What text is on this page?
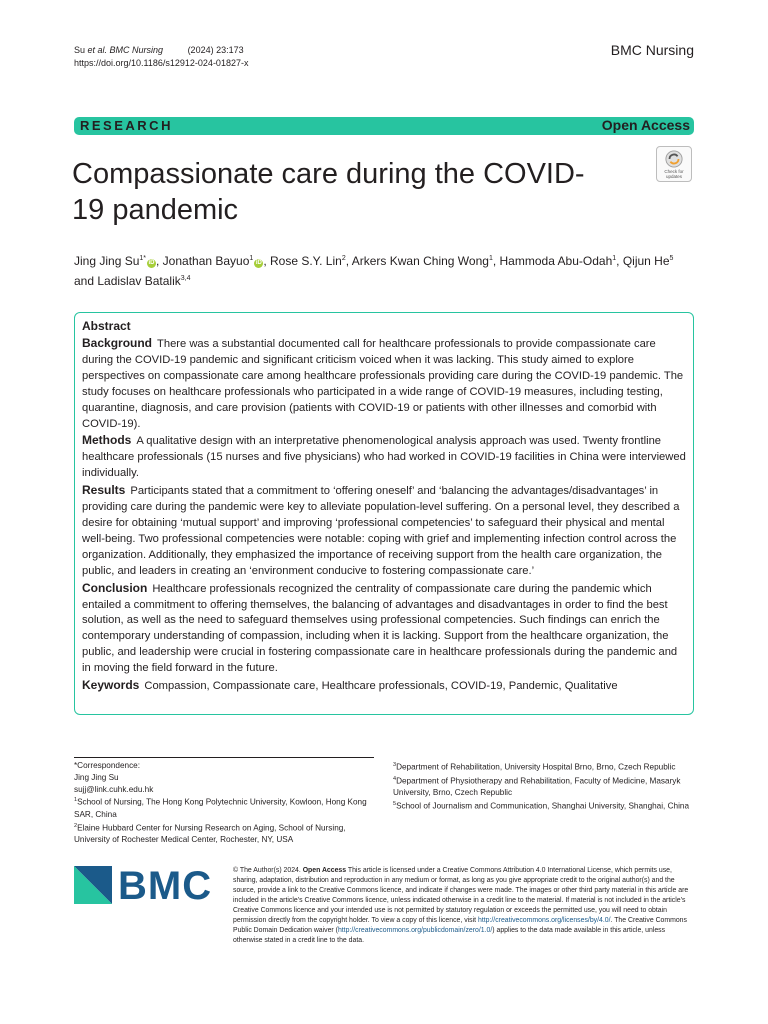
Su et al. BMC Nursing	(2024) 23:173
https://doi.org/10.1186/s12912-024-01827-x
BMC Nursing
RESEARCH	Open Access
Compassionate care during the COVID-19 pandemic
Check for
updates
Jing Jing $Su^{1*}iD$ , Jonathan Bayuo$^1$iD , Rose S.Y. Lin$^2$, Arkers Kwan Ching Wong$^1$, Hammoda Abu-Odah$^1$, Qijun He$^5$ and Ladislav Batalik$^{3,4}$
Abstract
Background There was a substantial documented call for healthcare professionals to provide compassionate care during the COVID-19 pandemic and significant criticism voiced when it was lacking. This study aimed to explore perspectives on compassionate care among healthcare professionals providing care during the COVID-19 pandemic. The study focuses on healthcare professionals who participated in a wide range of COVID-19 measures, including testing, quarantine, diagnosis, and care provision (patients with COVID-19 or patients with other illnesses and comorbid with COVID-19).
Methods A qualitative design with an interpretative phenomenological analysis approach was used. Twenty frontline healthcare professionals (15 nurses and five physicians) who had worked in COVID-19 facilities in China were interviewed individually.
Results Participants stated that a commitment to ‘offering oneself’ and ‘balancing the advantages/disadvantages’ in providing care during the pandemic were key to alleviate population-level suffering. On a personal level, they described a desire for obtaining ‘mutual support’ and improving ‘professional competencies’ to safeguard their physical and mental well-being. Two professional competencies were notable: coping with grief and implementing infection control across the organization. Additionally, they emphasized the importance of receiving support from the health care organization, the public, and leaders in creating an ‘environment conducive to fostering compassionate care.’
Conclusion Healthcare professionals recognized the centrality of compassionate care during the pandemic which entailed a commitment to offering themselves, the balancing of advantages and disadvantages in order to find the best solution, as well as the need to safeguard themselves using professional competencies. Such findings can enrich the contemporary understanding of compassion, including when it is lacking. Support from the healthcare organization, the public, and leadership were crucial in fostering compassionate care in healthcare professionals during the pandemic and in moving the field forward in the future.
Keywords Compassion, Compassionate care, Healthcare professionals, COVID-19, Pandemic, Qualitative
*Correspondence:
Jing Jing Su
sujj@link.cuhk.edu.hk
$^1$School of Nursing, The Hong Kong Polytechnic University, Kowloon, Hong Kong SAR, China
$^2$Elaine Hubbard Center for Nursing Research on Aging, School of Nursing, University of Rochester Medical Center, Rochester, NY, USA
$^3$Department of Rehabilitation, University Hospital Brno, Brno, Czech Republic
$^4$Department of Physiotherapy and Rehabilitation, Faculty of Medicine, Masaryk University, Brno, Czech Republic
$^5$School of Journalism and Communication, Shanghai University, Shanghai, China
BMC	© The Author(s) 2024. Open Access This article is licensed under a Creative Commons Attribution 4.0 International License, which permits use, sharing, adaptation, distribution and reproduction in any medium or format, as long as you give appropriate credit to the original author(s) and the source, provide a link to the Creative Commons licence, and indicate if changes were made. The images or other third party material in this article are included in the article’s Creative Commons licence, unless indicated otherwise in a credit line to the material. If material is not included in the article’s Creative Commons licence and your intended use is not permitted by statutory regulation or exceeds the permitted use, you will need to obtain permission directly from the copyright holder. To view a copy of this licence, visit http://creativecommons.org/licenses/by/4.0/. The Creative Commons Public Domain Dedication waiver (http://creativecommons.org/publicdomain/zero/1.0/) applies to the data made available in this article, unless otherwise stated in a credit line to the data.
